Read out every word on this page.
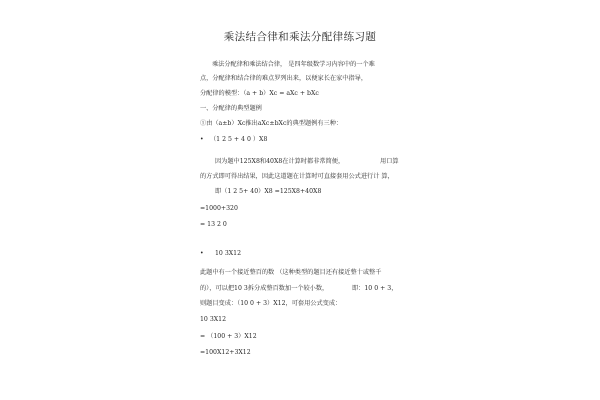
乘法结合律和乘法分配律练习题
乘法分配律和乘法结合律， 是四年级数学习内容中的一个难
点，分配律和结合律的难点罗列出来，以便家长在家中指导，
分配律的模型：（a + b）Xc = aXc + bXc
一、分配律的典型题例
①由（a±b）Xc推出aXc±bXc的典型题例有三种：
• （1 2 5 + 4 0 ）X8
因为题中125X8和40X8在计算时都非常简便，	用口算
的方式即可得出结果，因此这道题在计算时可直接套用公式进行计 算，
即（1 2 5+ 40）X8 =125X8+40X8
=1000+320
= 13 2 0
• 10 3X12
此题中有一个接近整百的数 （这种类型的题目还有接近整十或整千
的），可以把10 3拆分成整百数加一个较小数，	即：10 0 + 3，
则题目变成：（10 0 + 3）X12，可套用公式变成：
10 3X12
= （100 + 3）X12
=100X12+3X12
